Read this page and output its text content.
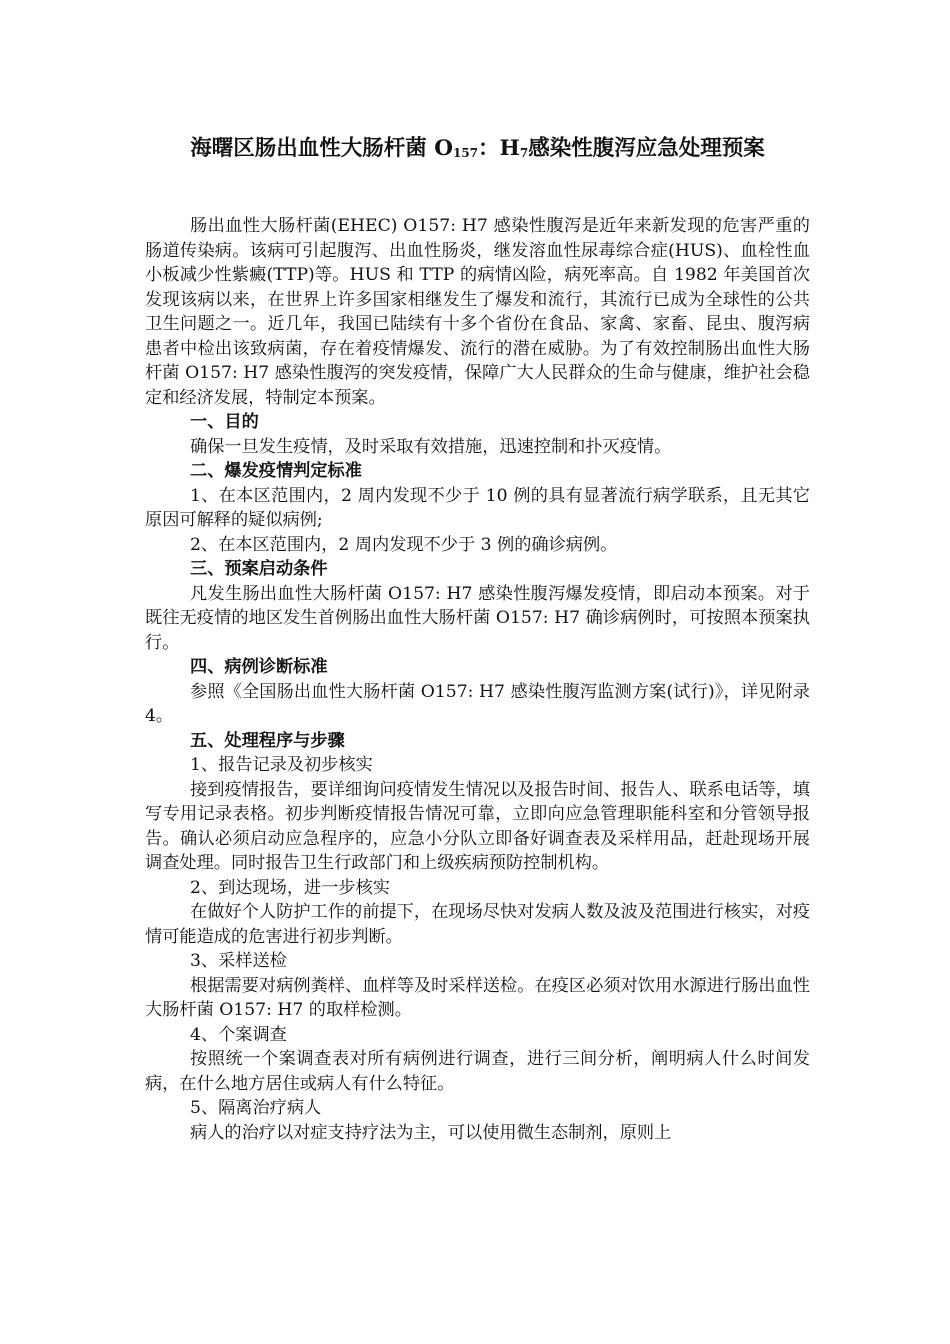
海曙区肠出血性大肠杆菌 $O_{157}$：$H_7$感染性腹泻应急处理预案

肠出血性大肠杆菌(EHEC) O157: H7 感染性腹泻是近年来新发现的危害严重的肠道传染病。该病可引起腹泻、出血性肠炎，继发溶血性尿毒综合症(HUS)、血栓性血小板减少性紫癜(TTP)等。HUS 和 TTP 的病情凶险，病死率高。自 1982 年美国首次发现该病以来，在世界上许多国家相继发生了爆发和流行，其流行已成为全球性的公共卫生问题之一。近几年，我国已陆续有十多个省份在食品、家禽、家畜、昆虫、腹泻病患者中检出该致病菌，存在着疫情爆发、流行的潜在威胁。为了有效控制肠出血性大肠杆菌 O157: H7 感染性腹泻的突发疫情，保障广大人民群众的生命与健康，维护社会稳定和经济发展，特制定本预案。

一、目的

确保一旦发生疫情，及时采取有效措施，迅速控制和扑灭疫情。

二、爆发疫情判定标准

1、在本区范围内，2 周内发现不少于 10 例的具有显著流行病学联系，且无其它原因可解释的疑似病例;

2、在本区范围内，2 周内发现不少于 3 例的确诊病例。

三、预案启动条件

凡发生肠出血性大肠杆菌 O157: H7 感染性腹泻爆发疫情，即启动本预案。对于既往无疫情的地区发生首例肠出血性大肠杆菌 O157: H7 确诊病例时，可按照本预案执行。

四、病例诊断标准

参照《全国肠出血性大肠杆菌 O157: H7 感染性腹泻监测方案(试行)》，详见附录 4。

五、处理程序与步骤

1、报告记录及初步核实

接到疫情报告，要详细询问疫情发生情况以及报告时间、报告人、联系电话等，填写专用记录表格。初步判断疫情报告情况可靠，立即向应急管理职能科室和分管领导报告。确认必须启动应急程序的，应急小分队立即备好调查表及采样用品，赶赴现场开展调查处理。同时报告卫生行政部门和上级疾病预防控制机构。

2、到达现场，进一步核实

在做好个人防护工作的前提下，在现场尽快对发病人数及波及范围进行核实，对疫情可能造成的危害进行初步判断。

3、采样送检

根据需要对病例粪样、血样等及时采样送检。在疫区必须对饮用水源进行肠出血性大肠杆菌 O157: H7 的取样检测。

4、个案调查

按照统一个案调查表对所有病例进行调查，进行三间分析，阐明病人什么时间发病，在什么地方居住或病人有什么特征。

5、隔离治疗病人

病人的治疗以对症支持疗法为主，可以使用微生态制剂，原则上
